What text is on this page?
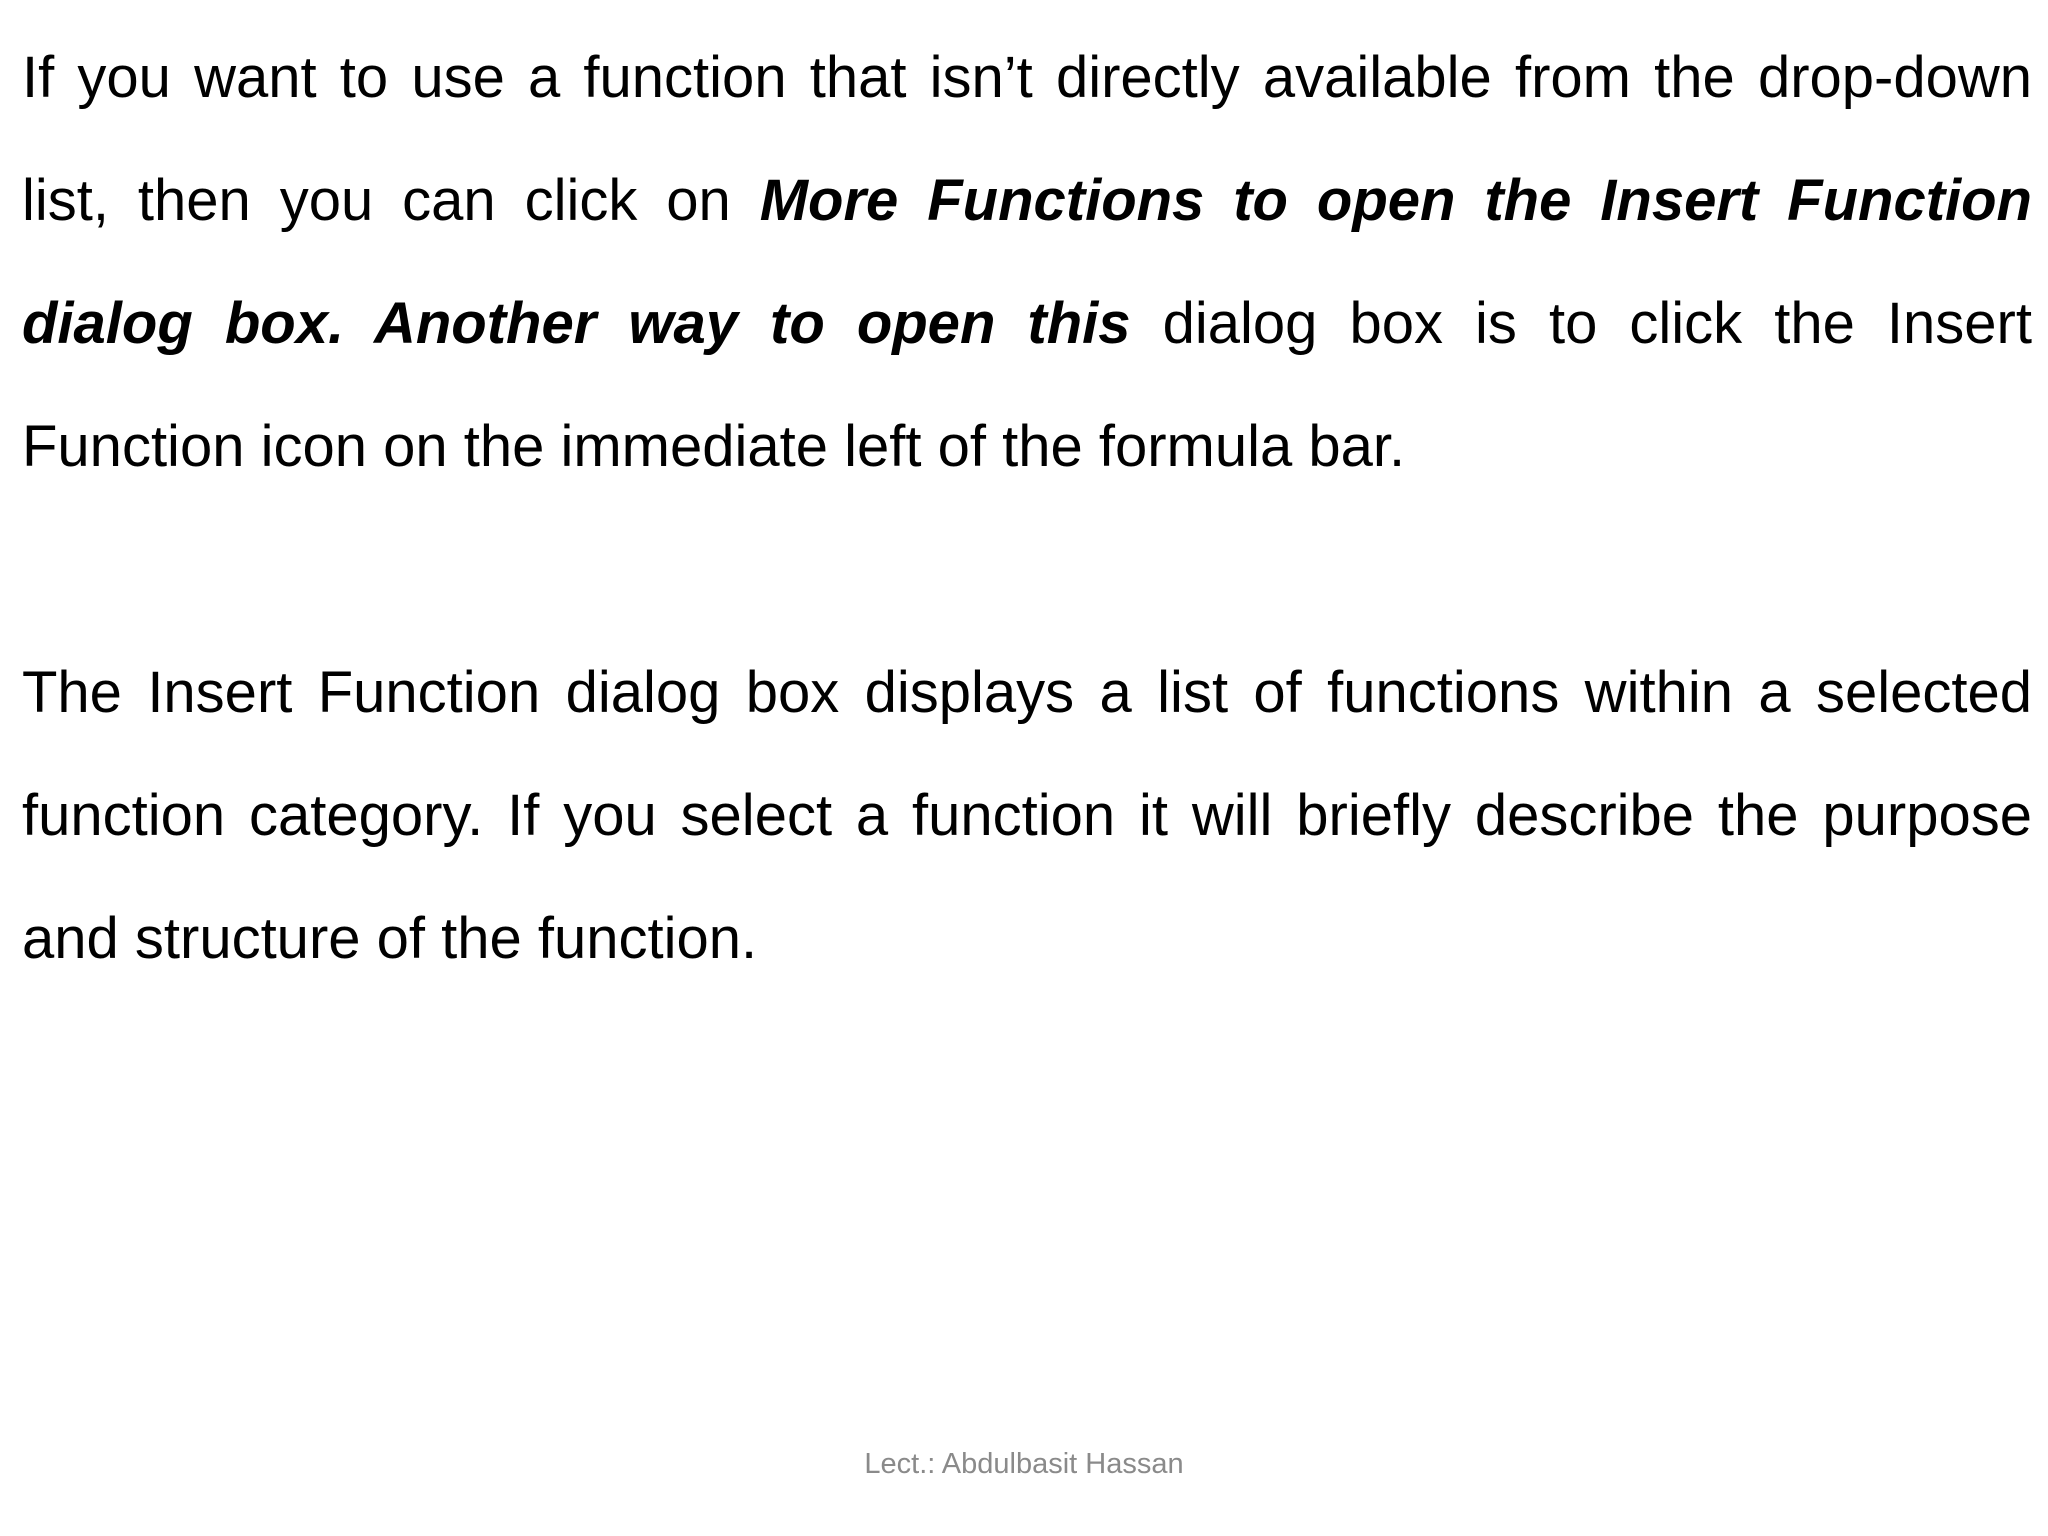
If you want to use a function that isn’t directly available from the drop-down list, then you can click on More Functions to open the Insert Function dialog box. Another way to open this dialog box is to click the Insert Function icon on the immediate left of the formula bar.

The Insert Function dialog box displays a list of functions within a selected function category. If you select a function it will briefly describe the purpose and structure of the function.

Lect.: Abdulbasit Hassan
